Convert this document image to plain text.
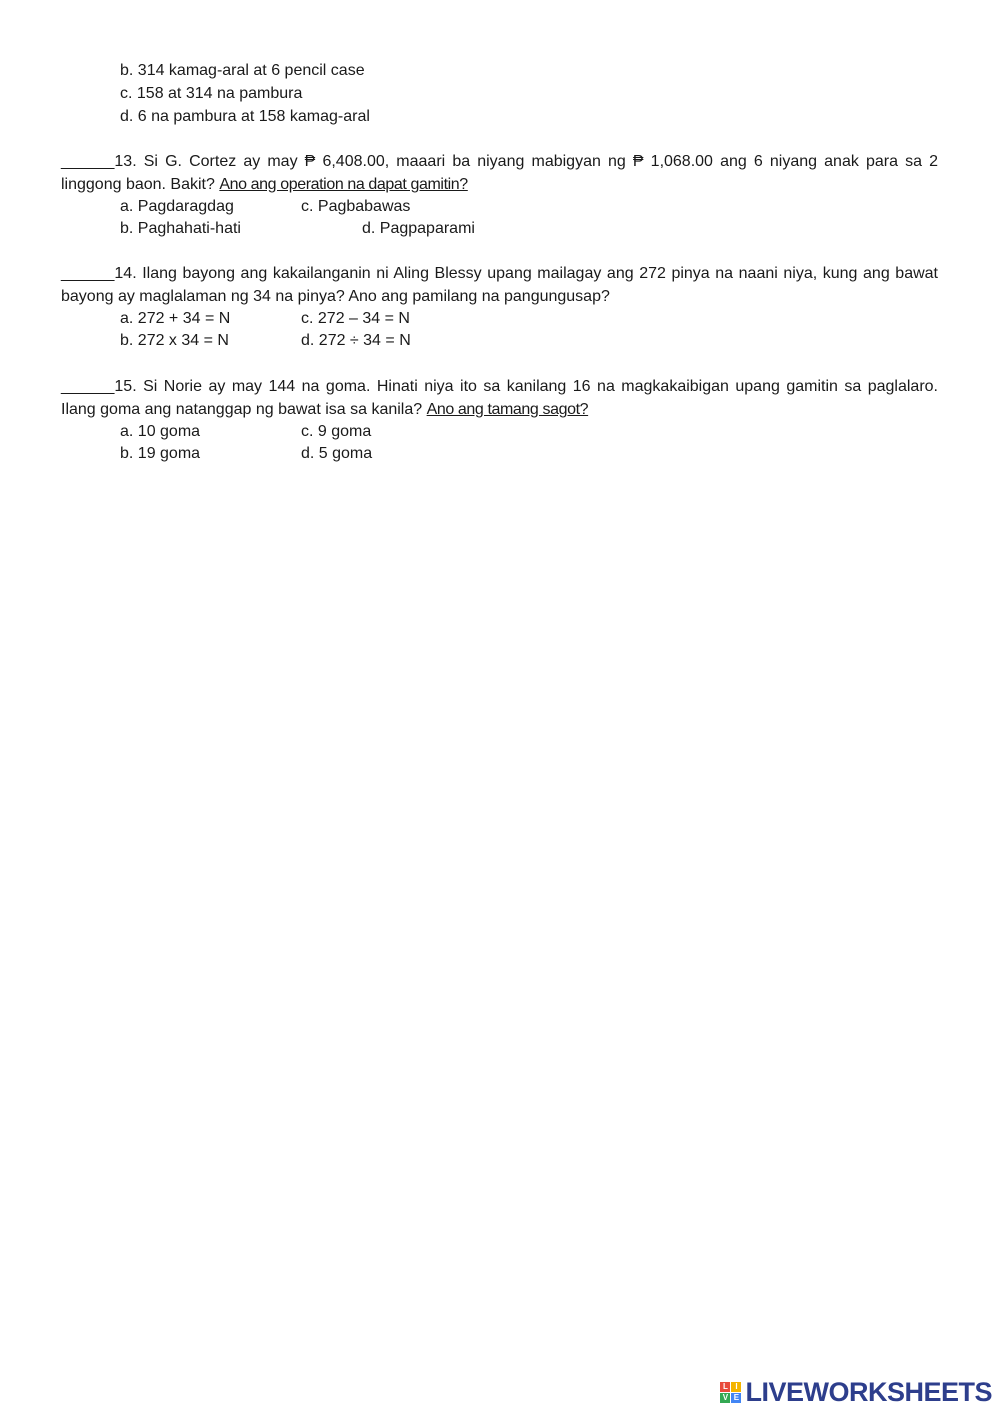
b. 314 kamag-aral at 6 pencil case
c. 158 at 314 na pambura
d. 6 na pambura at 158 kamag-aral
______13. Si G. Cortez ay may ₱ 6,408.00, maaari ba niyang mabigyan ng ₱ 1,068.00 ang 6 niyang anak para sa 2 linggong baon. Bakit? Ano ang operation na dapat gamitin?
a. Pagdaragdag	c. Pagbabawas
b. Paghahati-hati	d. Pagpaparami
______14. Ilang bayong ang kakailanganin ni Aling Blessy upang mailagay ang 272 pinya na naani niya, kung ang bawat bayong ay maglalaman ng 34 na pinya? Ano ang pamilang na pangungusap?
a. 272 + 34 = N	c. 272 – 34 = N
b. 272 x 34 = N	d. 272 ÷ 34 = N
______15. Si Norie ay may 144 na goma. Hinati niya ito sa kanilang 16 na magkakaibigan upang gamitin sa paglalaro. Ilang goma ang natanggap ng bawat isa sa kanila? Ano ang tamang sagot?
a. 10 goma	c. 9 goma
b. 19 goma	d. 5 goma
L I
V E LIVEWORKSHEETS
